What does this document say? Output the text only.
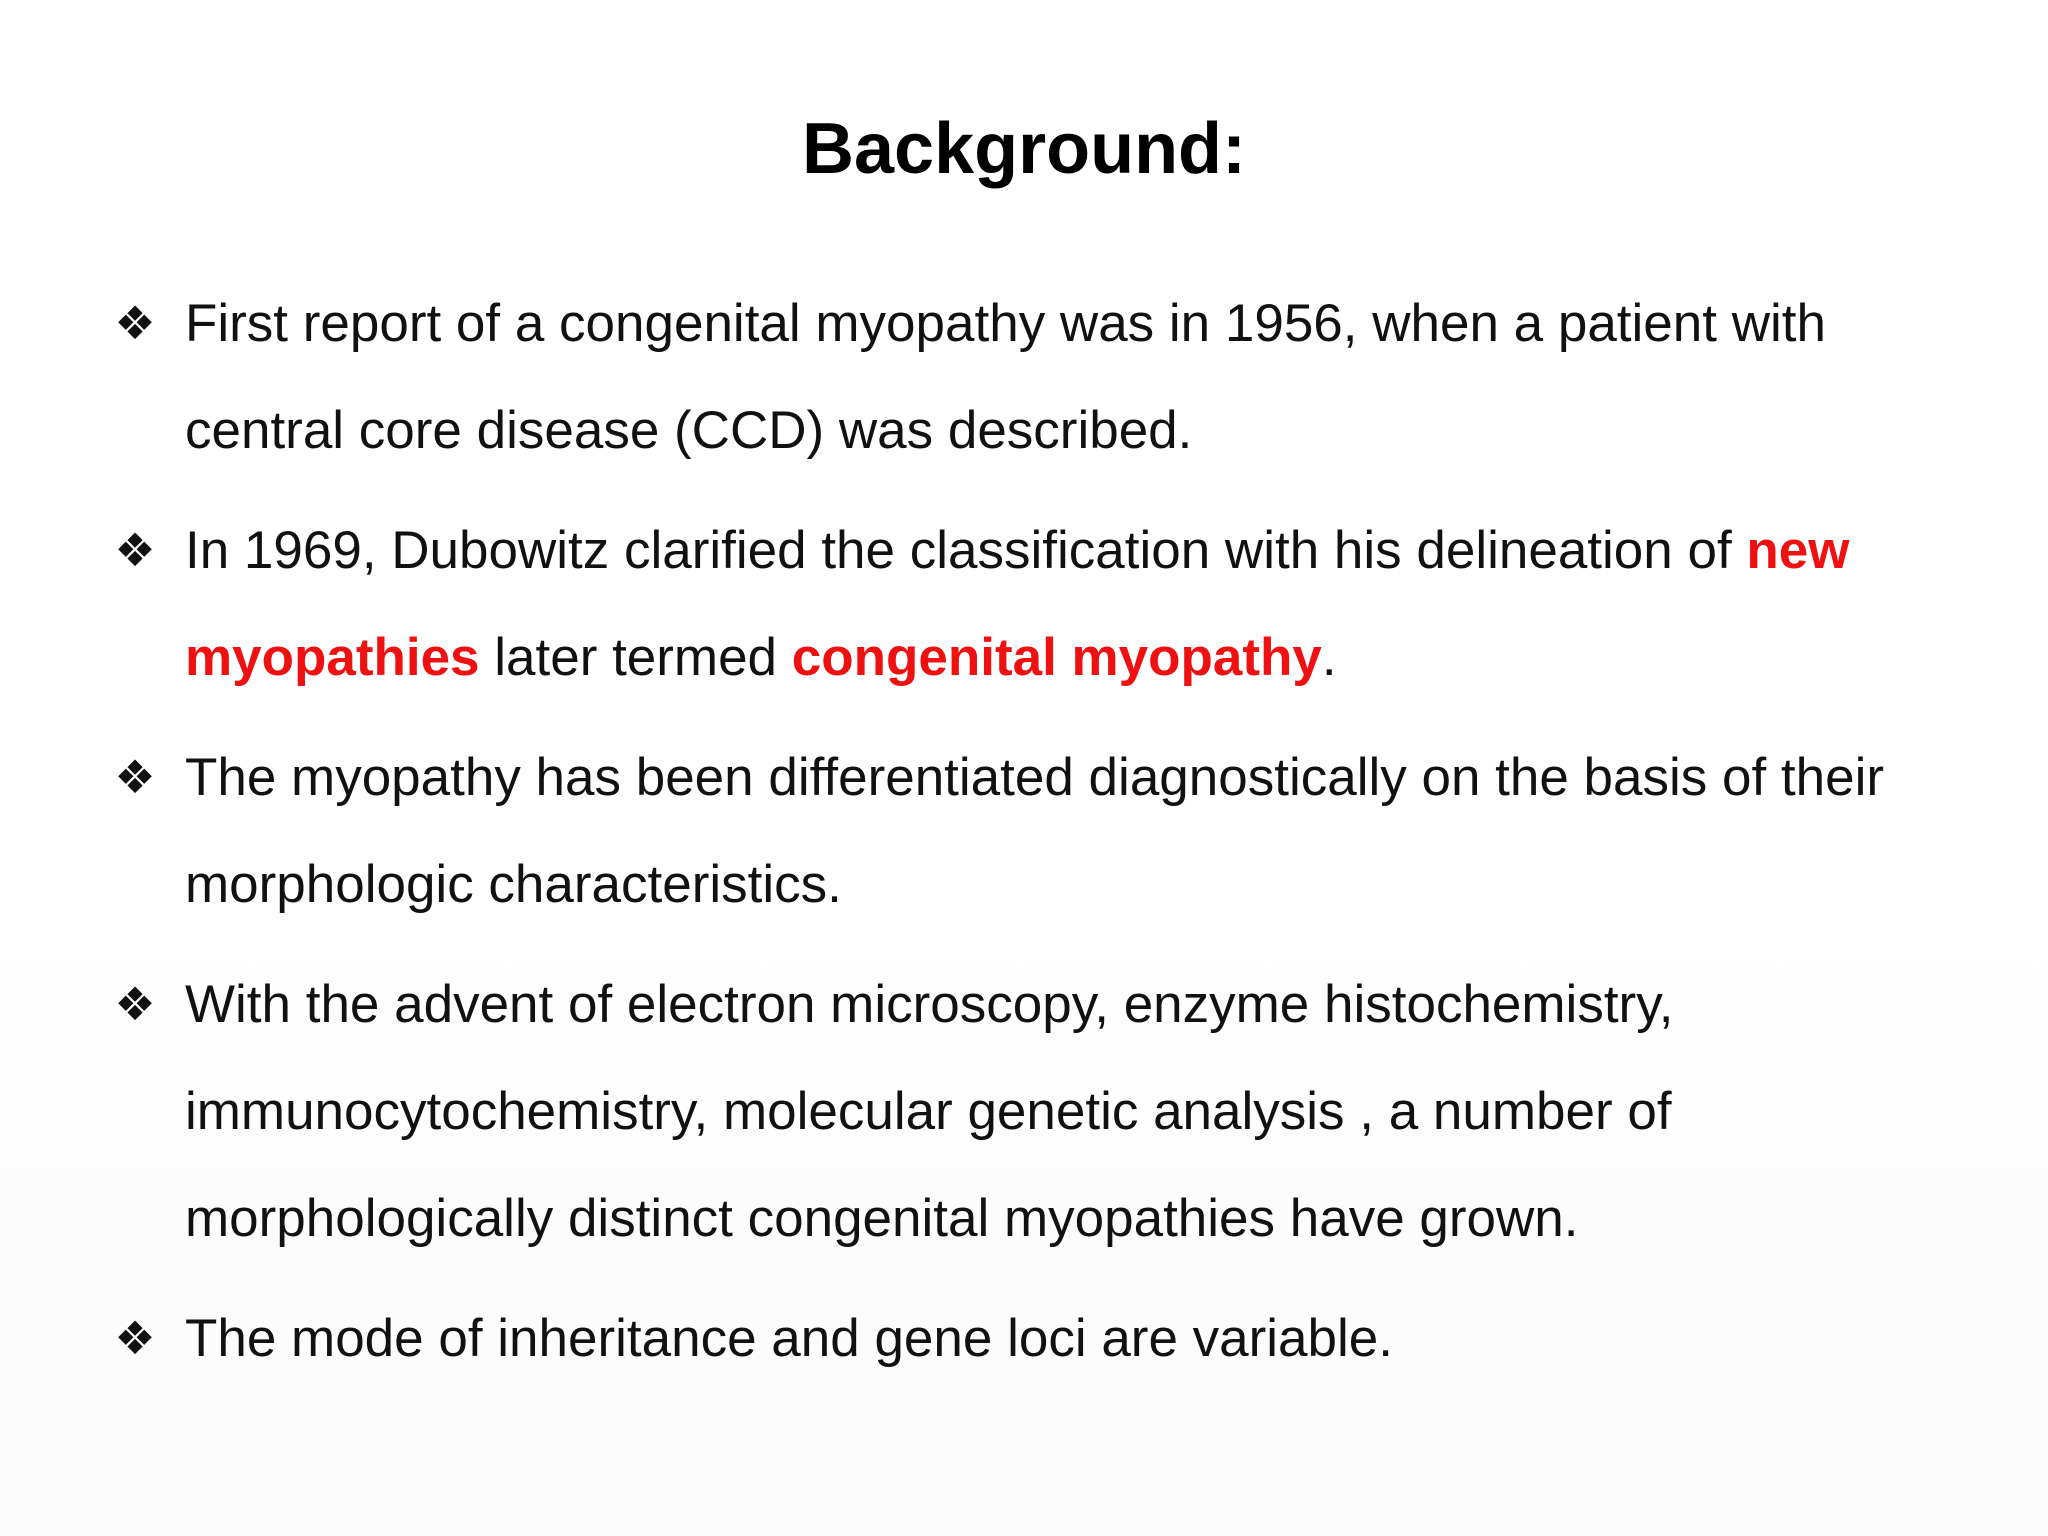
Background:
❖ First report of a congenital myopathy was in 1956, when a patient with central core disease (CCD) was described.
❖ In 1969, Dubowitz clarified the classification with his delineation of new myopathies later termed congenital myopathy.
❖ The myopathy has been differentiated diagnostically on the basis of their morphologic characteristics.
❖ With the advent of electron microscopy, enzyme histochemistry, immunocytochemistry, molecular genetic analysis , a number of morphologically distinct congenital myopathies have grown.
❖ The mode of inheritance and gene loci are variable.
